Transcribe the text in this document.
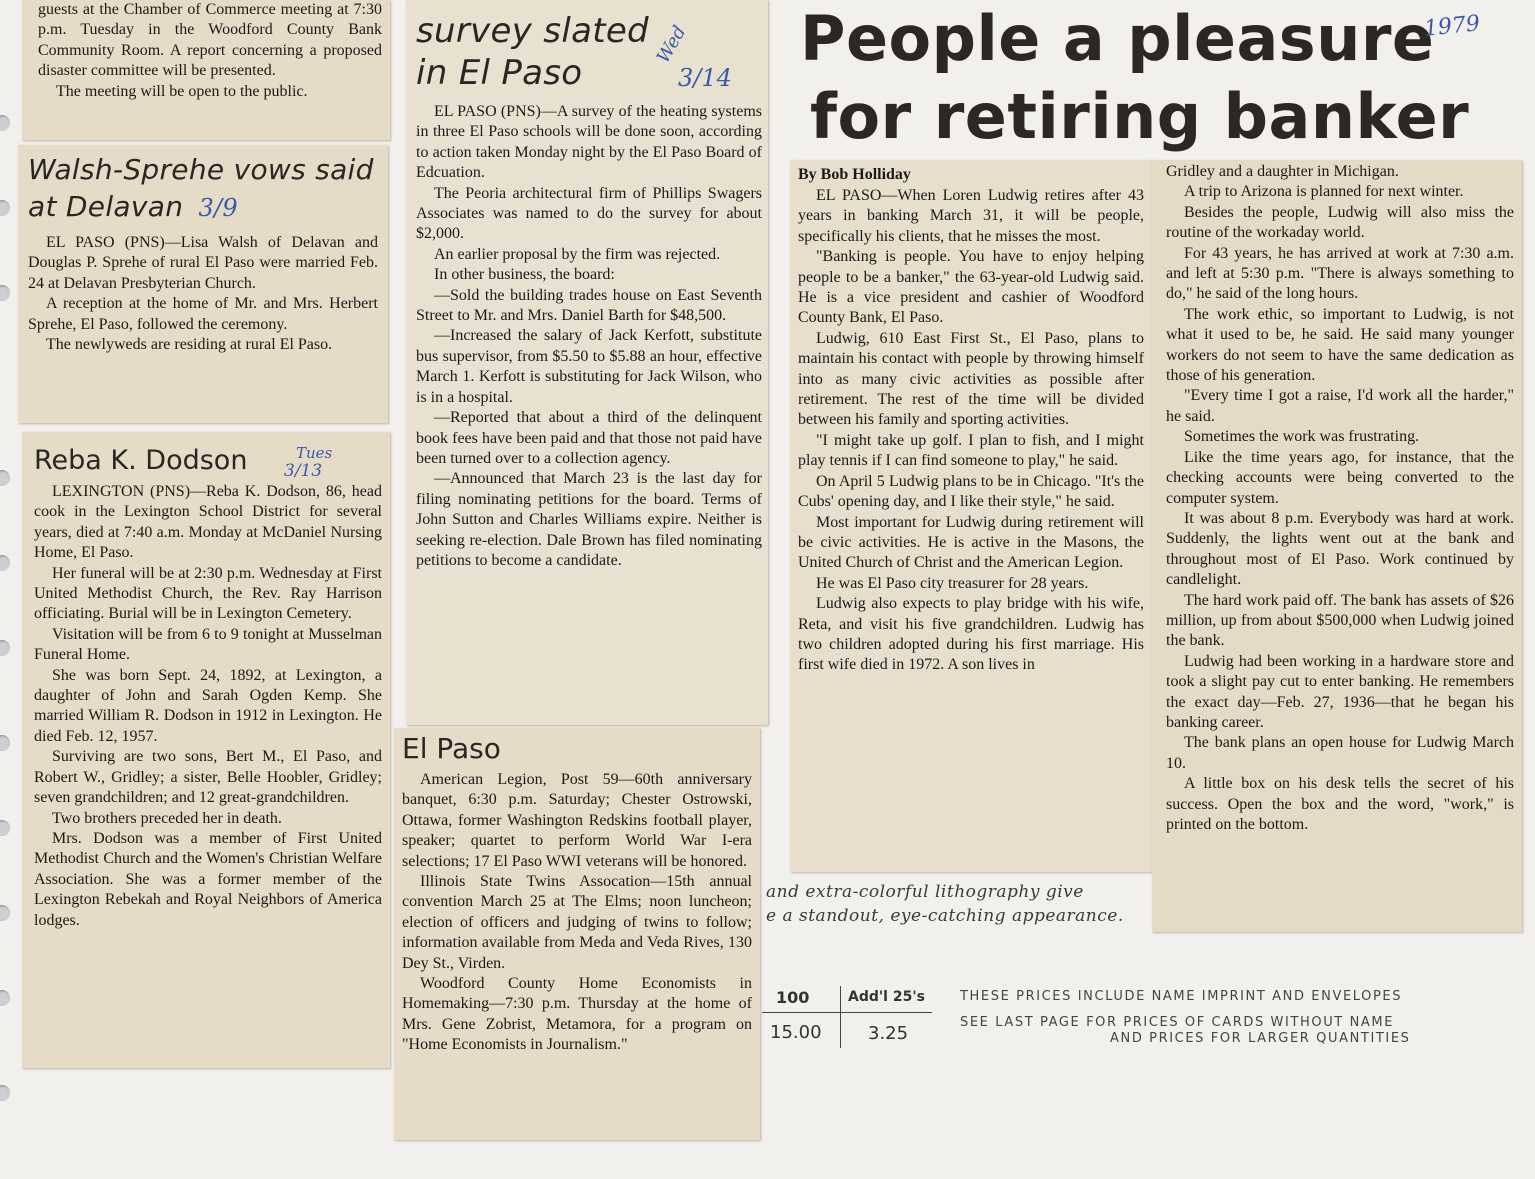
and extra-colorful lithography give
e a standout, eye-catching appearance.
100	Add'l 25's
15.00	3.25
THESE PRICES INCLUDE NAME IMPRINT AND ENVELOPES
SEE LAST PAGE FOR PRICES OF CARDS WITHOUT NAME
AND PRICES FOR LARGER QUANTITIES

guests at the Chamber of Commerce meeting at 7:30 p.m. Tuesday in the Woodford County Bank Community Room. A report concerning a proposed disaster committee will be presented.

The meeting will be open to the public.

Walsh-Sprehe vows said at Delavan 3/9

EL PASO (PNS)—Lisa Walsh of Delavan and Douglas P. Sprehe of rural El Paso were married Feb. 24 at Delavan Presbyterian Church.

A reception at the home of Mr. and Mrs. Herbert Sprehe, El Paso, followed the ceremony.

The newlyweds are residing at rural El Paso.

Reba K. Dodson	Tues
3/13

LEXINGTON (PNS)—Reba K. Dodson, 86, head cook in the Lexington School District for several years, died at 7:40 a.m. Monday at McDaniel Nursing Home, El Paso.

Her funeral will be at 2:30 p.m. Wednesday at First United Methodist Church, the Rev. Ray Harrison officiating. Burial will be in Lexington Cemetery.

Visitation will be from 6 to 9 tonight at Musselman Funeral Home.

She was born Sept. 24, 1892, at Lexington, a daughter of John and Sarah Ogden Kemp. She married William R. Dodson in 1912 in Lexington. He died Feb. 12, 1957.

Surviving are two sons, Bert M., El Paso, and Robert W., Gridley; a sister, Belle Hoobler, Gridley; seven grandchildren; and 12 great-grandchildren.

Two brothers preceded her in death.

Mrs. Dodson was a member of First United Methodist Church and the Women's Christian Welfare Association. She was a former member of the Lexington Rebekah and Royal Neighbors of America lodges.

survey slated in El Paso
Wed
3/14

EL PASO (PNS)—A survey of the heating systems in three El Paso schools will be done soon, according to action taken Monday night by the El Paso Board of Edcuation.

The Peoria architectural firm of Phillips Swagers Associates was named to do the survey for about $2,000.

An earlier proposal by the firm was rejected.

In other business, the board:

—Sold the building trades house on East Seventh Street to Mr. and Mrs. Daniel Barth for $48,500.

—Increased the salary of Jack Kerfott, substitute bus supervisor, from $5.50 to $5.88 an hour, effective March 1. Kerfott is substituting for Jack Wilson, who is in a hospital.

—Reported that about a third of the delinquent book fees have been paid and that those not paid have been turned over to a collection agency.

—Announced that March 23 is the last day for filing nominating petitions for the board. Terms of John Sutton and Charles Williams expire. Neither is seeking re-election. Dale Brown has filed nominating petitions to become a candidate.

El Paso

American Legion, Post 59—60th anniversary banquet, 6:30 p.m. Saturday; Chester Ostrowski, Ottawa, former Washington Redskins football player, speaker; quartet to perform World War I-era selections; 17 El Paso WWI veterans will be honored.

Illinois State Twins Assocation—15th annual convention March 25 at The Elms; noon luncheon; election of officers and judging of twins to follow; information available from Meda and Veda Rives, 130 Dey St., Virden.

Woodford County Home Economists in Homemaking—7:30 p.m. Thursday at the home of Mrs. Gene Zobrist, Metamora, for a program on "Home Economists in Journalism."

People a pleasure
for retiring banker
1979
By Bob Holliday

EL PASO—When Loren Ludwig retires after 43 years in banking March 31, it will be people, specifically his clients, that he misses the most.

"Banking is people. You have to enjoy helping people to be a banker," the 63-year-old Ludwig said. He is a vice president and cashier of Woodford County Bank, El Paso.

Ludwig, 610 East First St., El Paso, plans to maintain his contact with people by throwing himself into as many civic activities as possible after retirement. The rest of the time will be divided between his family and sporting activities.

"I might take up golf. I plan to fish, and I might play tennis if I can find someone to play," he said.

On April 5 Ludwig plans to be in Chicago. "It's the Cubs' opening day, and I like their style," he said.

Most important for Ludwig during retirement will be civic activities. He is active in the Masons, the United Church of Christ and the American Legion.

He was El Paso city treasurer for 28 years.

Ludwig also expects to play bridge with his wife, Reta, and visit his five grandchildren. Ludwig has two children adopted during his first marriage. His first wife died in 1972. A son lives in

Gridley and a daughter in Michigan.

A trip to Arizona is planned for next winter.

Besides the people, Ludwig will also miss the routine of the workaday world.

For 43 years, he has arrived at work at 7:30 a.m. and left at 5:30 p.m. "There is always something to do," he said of the long hours.

The work ethic, so important to Ludwig, is not what it used to be, he said. He said many younger workers do not seem to have the same dedication as those of his generation.

"Every time I got a raise, I'd work all the harder," he said.

Sometimes the work was frustrating.

Like the time years ago, for instance, that the checking accounts were being converted to the computer system.

It was about 8 p.m. Everybody was hard at work. Suddenly, the lights went out at the bank and throughout most of El Paso. Work continued by candlelight.

The hard work paid off. The bank has assets of $26 million, up from about $500,000 when Ludwig joined the bank.

Ludwig had been working in a hardware store and took a slight pay cut to enter banking. He remembers the exact day—Feb. 27, 1936—that he began his banking career.

The bank plans an open house for Ludwig March 10.

A little box on his desk tells the secret of his success. Open the box and the word, "work," is printed on the bottom.
